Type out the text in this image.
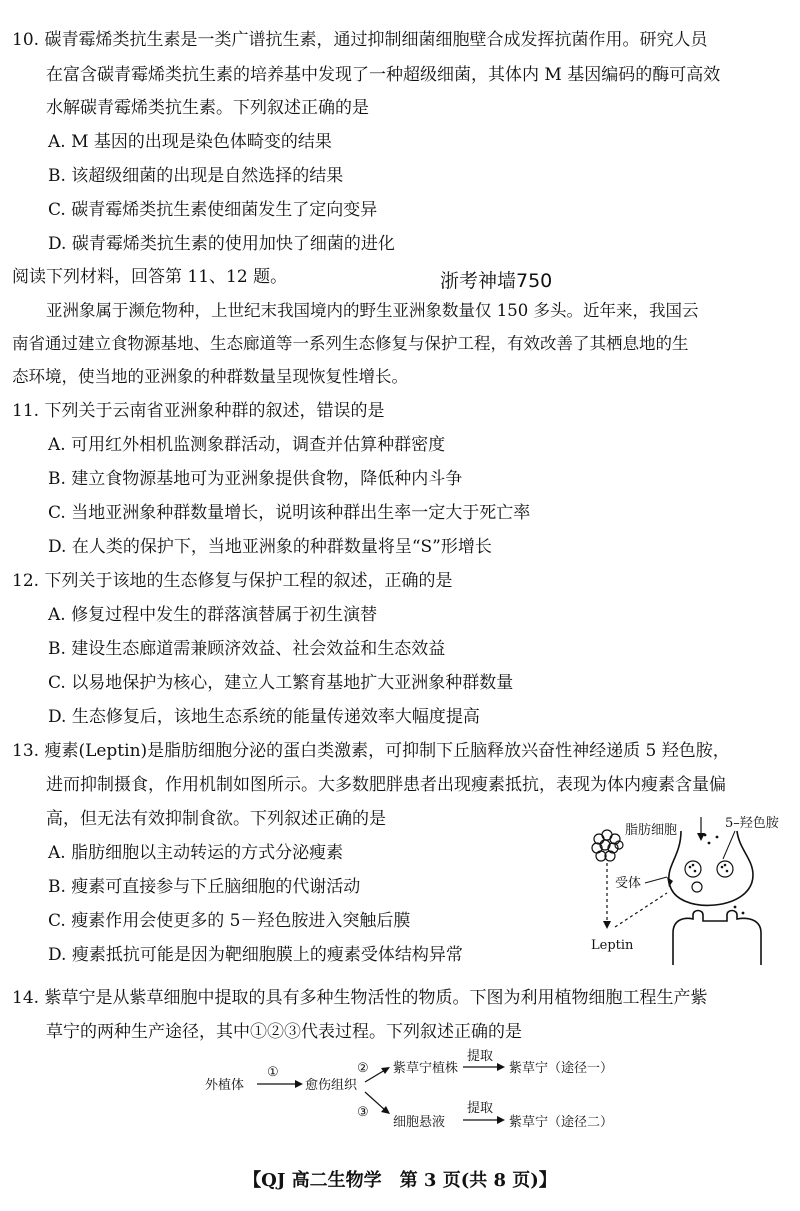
10. 碳青霉烯类抗生素是一类广谱抗生素，通过抑制细菌细胞壁合成发挥抗菌作用。研究人员
在富含碳青霉烯类抗生素的培养基中发现了一种超级细菌，其体内 M 基因编码的酶可高效
水解碳青霉烯类抗生素。下列叙述正确的是
A. M 基因的出现是染色体畸变的结果
B. 该超级细菌的出现是自然选择的结果
C. 碳青霉烯类抗生素使细菌发生了定向变异
D. 碳青霉烯类抗生素的使用加快了细菌的进化
阅读下列材料，回答第 11、12 题。	浙考神墙750
亚洲象属于濒危物种，上世纪末我国境内的野生亚洲象数量仅 150 多头。近年来，我国云
南省通过建立食物源基地、生态廊道等一系列生态修复与保护工程，有效改善了其栖息地的生
态环境，使当地的亚洲象的种群数量呈现恢复性增长。
11. 下列关于云南省亚洲象种群的叙述，错误的是
A. 可用红外相机监测象群活动，调查并估算种群密度
B. 建立食物源基地可为亚洲象提供食物，降低种内斗争
C. 当地亚洲象种群数量增长，说明该种群出生率一定大于死亡率
D. 在人类的保护下，当地亚洲象的种群数量将呈“S”形增长
12. 下列关于该地的生态修复与保护工程的叙述，正确的是
A. 修复过程中发生的群落演替属于初生演替
B. 建设生态廊道需兼顾济效益、社会效益和生态效益
C. 以易地保护为核心，建立人工繁育基地扩大亚洲象种群数量
D. 生态修复后，该地生态系统的能量传递效率大幅度提高
13. 瘦素(Leptin)是脂肪细胞分泌的蛋白类激素，可抑制下丘脑释放兴奋性神经递质 5 羟色胺，
进而抑制摄食，作用机制如图所示。大多数肥胖患者出现瘦素抵抗，表现为体内瘦素含量偏
高，但无法有效抑制食欲。下列叙述正确的是
A. 脂肪细胞以主动转运的方式分泌瘦素
B. 瘦素可直接参与下丘脑细胞的代谢活动
C. 瘦素作用会使更多的 5－羟色胺进入突触后膜
D. 瘦素抵抗可能是因为靶细胞膜上的瘦素受体结构异常
脂肪细胞
Leptin
受体
5–羟色胺
14. 紫草宁是从紫草细胞中提取的具有多种生物活性的物质。下图为利用植物细胞工程生产紫
草宁的两种生产途径，其中①②③代表过程。下列叙述正确的是
外植体
①
愈伤组织
② 紫草宁植株
提取
紫草宁（途径一）
③
细胞悬液
提取
紫草宁（途径二）
【QJ 高二生物学　第 3 页(共 8 页)】
